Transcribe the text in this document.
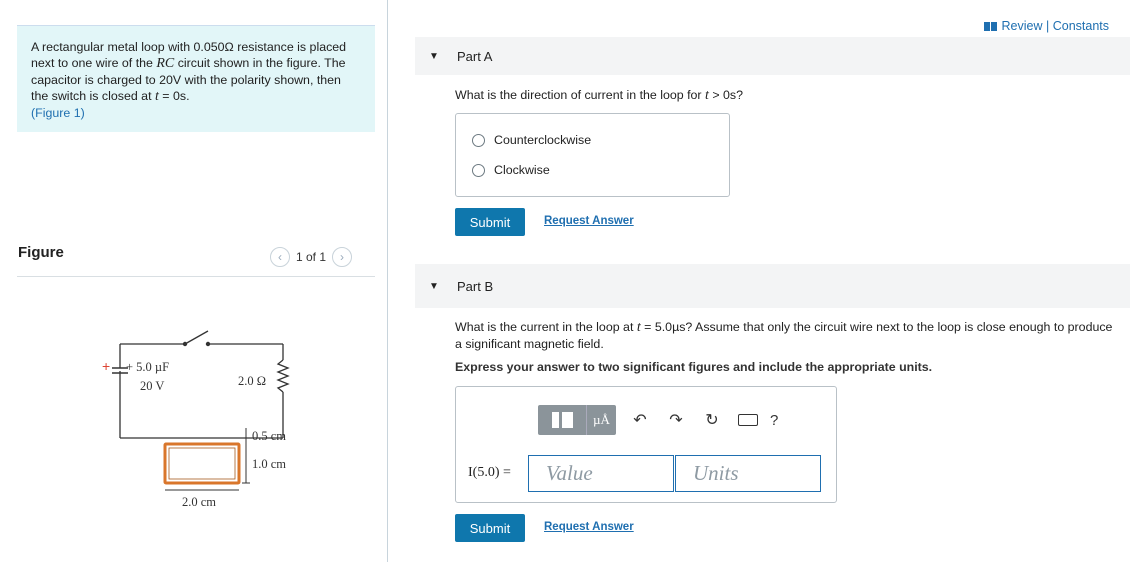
A rectangular metal loop with 0.050Ω resistance is placed next to one wire of the RC circuit shown in the figure. The capacitor is charged to 20V with the polarity shown, then the switch is closed at t = 0s.
(Figure 1)
Figure	‹	1 of 1	›
+ + 5.0 µF
20 V	2.0 Ω
0.5 cm
1.0 cm
2.0 cm
Review | Constants
▼ Part A
What is the direction of current in the loop for t > 0s?
Counterclockwise
Clockwise
Submit	Request Answer
▼ Part B
What is the current in the loop at t = 5.0µs? Assume that only the circuit wire next to the loop is close enough to produce a significant magnetic field.
Express your answer to two significant figures and include the appropriate units.
µÅ	↶	↷	↻	?
I(5.0) =	Value	Units
Submit	Request Answer
